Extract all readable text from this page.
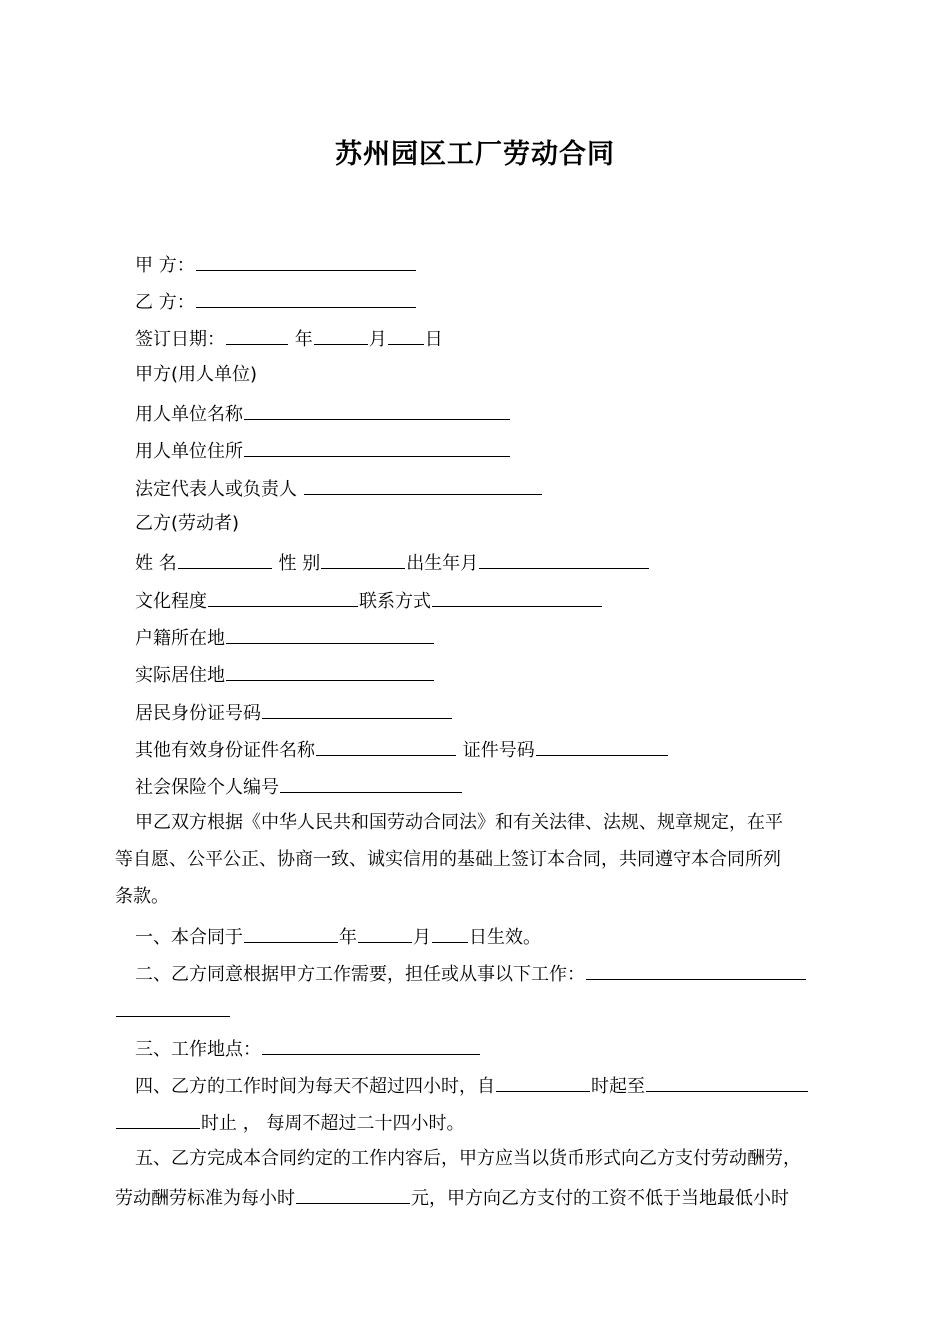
苏州园区工厂劳动合同
甲 方：
乙 方：
签订日期：	年	月 日
甲方(用人单位)
用人单位名称
用人单位住所
法定代表人或负责人
乙方(劳动者)
姓 名	性 别	出生年月
文化程度	联系方式
户籍所在地
实际居住地
居民身份证号码
其他有效身份证件名称	证件号码
社会保险个人编号
甲乙双方根据《中华人民共和国劳动合同法》和有关法律、法规、规章规定，在平
等自愿、公平公正、协商一致、诚实信用的基础上签订本合同，共同遵守本合同所列
条款。
一、本合同于	年	月 日生效。
二、乙方同意根据甲方工作需要，担任或从事以下工作：
三、工作地点：
四、乙方的工作时间为每天不超过四小时，自	时起至
时止 ， 每周不超过二十四小时。
五、乙方完成本合同约定的工作内容后，甲方应当以货币形式向乙方支付劳动酬劳，
劳动酬劳标准为每小时	元，甲方向乙方支付的工资不低于当地最低小时
